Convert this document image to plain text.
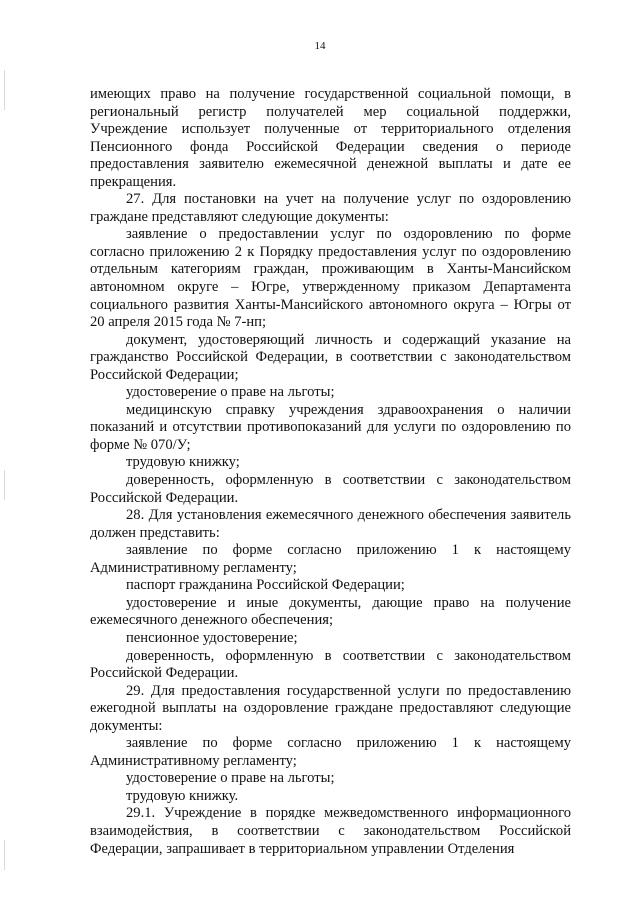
14

имеющих право на получение государственной социальной помощи, в региональный регистр получателей мер социальной поддержки, Учреждение использует полученные от территориального отделения Пенсионного фонда Российской Федерации сведения о периоде предоставления заявителю ежемесячной денежной выплаты и дате ее прекращения.

27. Для постановки на учет на получение услуг по оздоровлению граждане представляют следующие документы:

заявление о предоставлении услуг по оздоровлению по форме согласно приложению 2 к Порядку предоставления услуг по оздоровлению отдельным категориям граждан, проживающим в Ханты-Мансийском автономном округе – Югре, утвержденному приказом Департамента социального развития Ханты-Мансийского автономного округа – Югры от 20 апреля 2015 года № 7-нп;

документ, удостоверяющий личность и содержащий указание на гражданство Российской Федерации, в соответствии с законодательством Российской Федерации;

удостоверение о праве на льготы;

медицинскую справку учреждения здравоохранения о наличии показаний и отсутствии противопоказаний для услуги по оздоровлению по форме № 070/У;

трудовую книжку;

доверенность, оформленную в соответствии с законодательством Российской Федерации.

28. Для установления ежемесячного денежного обеспечения заявитель должен представить:

заявление по форме согласно приложению 1 к настоящему Административному регламенту;

паспорт гражданина Российской Федерации;

удостоверение и иные документы, дающие право на получение ежемесячного денежного обеспечения;

пенсионное удостоверение;

доверенность, оформленную в соответствии с законодательством Российской Федерации.

29. Для предоставления государственной услуги по предоставлению ежегодной выплаты на оздоровление граждане предоставляют следующие документы:

заявление по форме согласно приложению 1 к настоящему Административному регламенту;

удостоверение о праве на льготы;

трудовую книжку.

29.1. Учреждение в порядке межведомственного информационного взаимодействия, в соответствии с законодательством Российской Федерации, запрашивает в территориальном управлении Отделения
